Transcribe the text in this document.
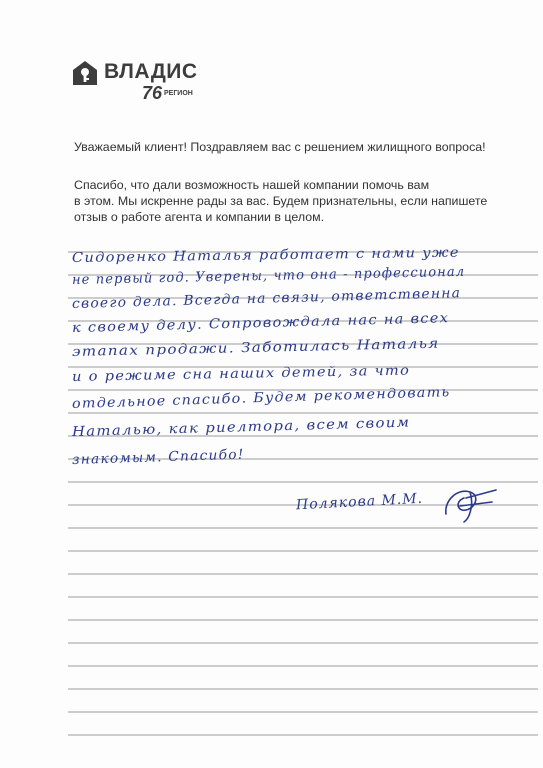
ВЛАДИС
76 РЕГИОН
Уважаемый клиент! Поздравляем вас с решением жилищного вопроса!
Спасибо, что дали возможность нашей компании помочь вам
в этом. Мы искренне рады за вас. Будем признательны, если напишете
отзыв о работе агента и компании в целом.
Сидоренко Наталья работает с нами уже
не первый год. Уверены, что она - профессионал
своего дела. Всегда на связи, ответственна
к своему делу. Сопровождала нас на всех
этапах продажи. Заботилась Наталья
и о режиме сна наших детей, за что
отдельное спасибо. Будем рекомендовать
Наталью, как риелтора, всем своим
знакомым. Спасибо!
Полякова М.М.
